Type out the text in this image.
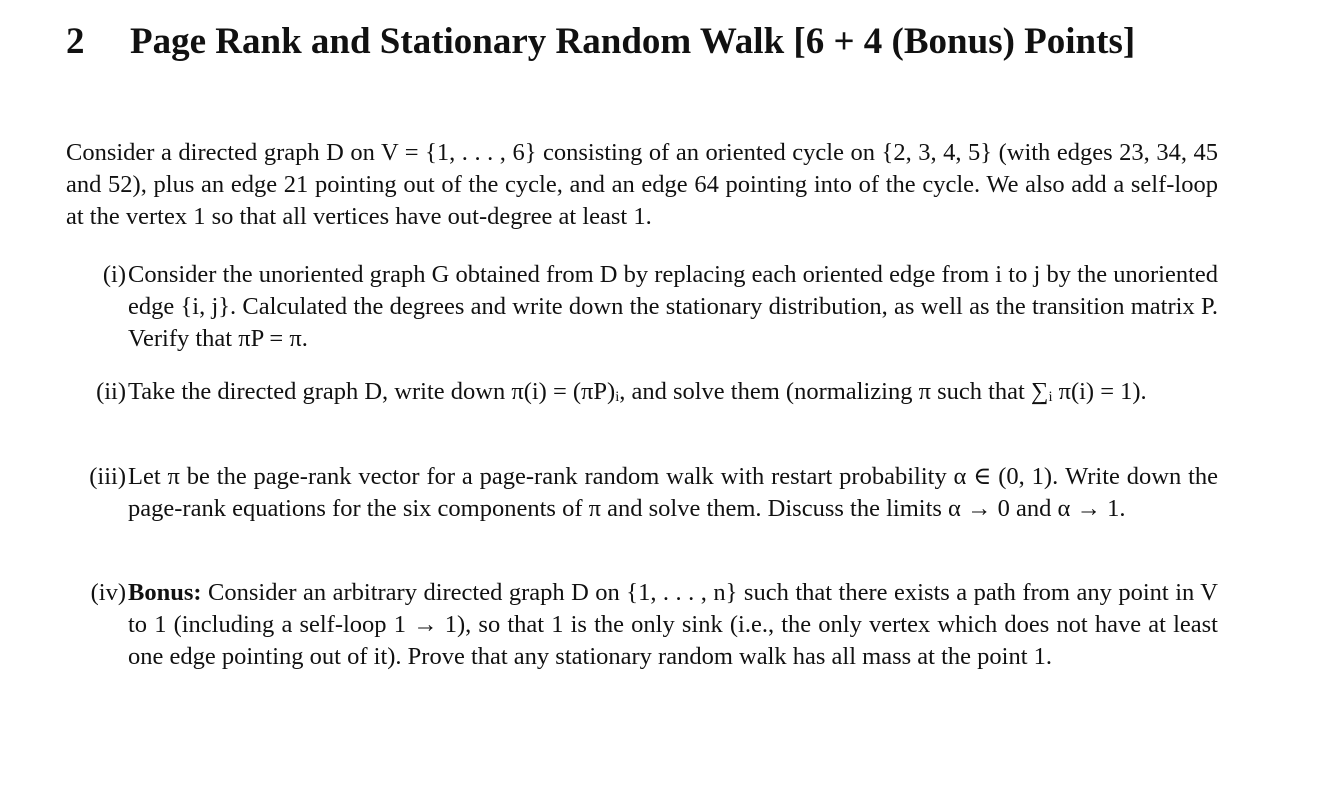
2 Page Rank and Stationary Random Walk [6 + 4 (Bonus) Points]

Consider a directed graph D on V = {1, . . . , 6} consisting of an oriented cycle on {2, 3, 4, 5} (with edges 23, 34, 45 and 52), plus an edge 21 pointing out of the cycle, and an edge 64 pointing into of the cycle. We also add a self-loop at the vertex 1 so that all vertices have out-degree at least 1.

(i) Consider the unoriented graph G obtained from D by replacing each oriented edge from i to j by the unoriented edge {i, j}. Calculated the degrees and write down the stationary distribution, as well as the transition matrix P. Verify that πP = π.

(ii) Take the directed graph D, write down π(i) = (πP)ᵢ, and solve them (normalizing π such that ∑ᵢ π(i) = 1).

(iii) Let π be the page-rank vector for a page-rank random walk with restart probability α ∈ (0, 1). Write down the page-rank equations for the six components of π and solve them. Discuss the limits α → 0 and α → 1.

(iv) Bonus: Consider an arbitrary directed graph D on {1, . . . , n} such that there exists a path from any point in V to 1 (including a self-loop 1 → 1), so that 1 is the only sink (i.e., the only vertex which does not have at least one edge pointing out of it). Prove that any stationary random walk has all mass at the point 1.
